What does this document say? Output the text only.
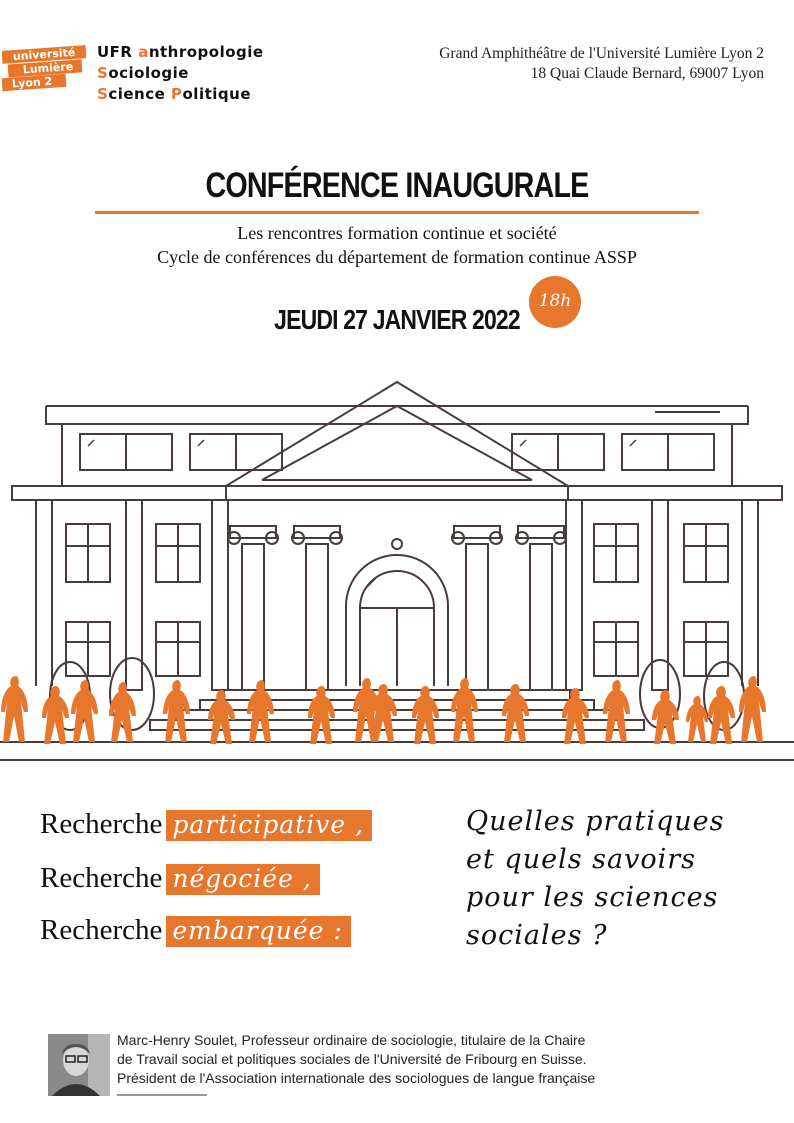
université
Lumière
Lyon 2
UFR anthropologie
Sociologie
Science Politique
Grand Amphithéâtre de l'Université Lumière Lyon 2
18 Quai Claude Bernard, 69007 Lyon
CONFÉRENCE INAUGURALE
Les rencontres formation continue et société
Cycle de conférences du département de formation continue ASSP
JEUDI 27 JANVIER 2022
18h
Recherche participative ,
Recherche négociée ,
Recherche embarquée :
Quelles pratiques
et quels savoirs
pour les sciences
sociales ?
Marc-Henry Soulet, Professeur ordinaire de sociologie, titulaire de la Chaire
de Travail social et politiques sociales de l'Université de Fribourg en Suisse.
Président de l'Association internationale des sociologues de langue française
